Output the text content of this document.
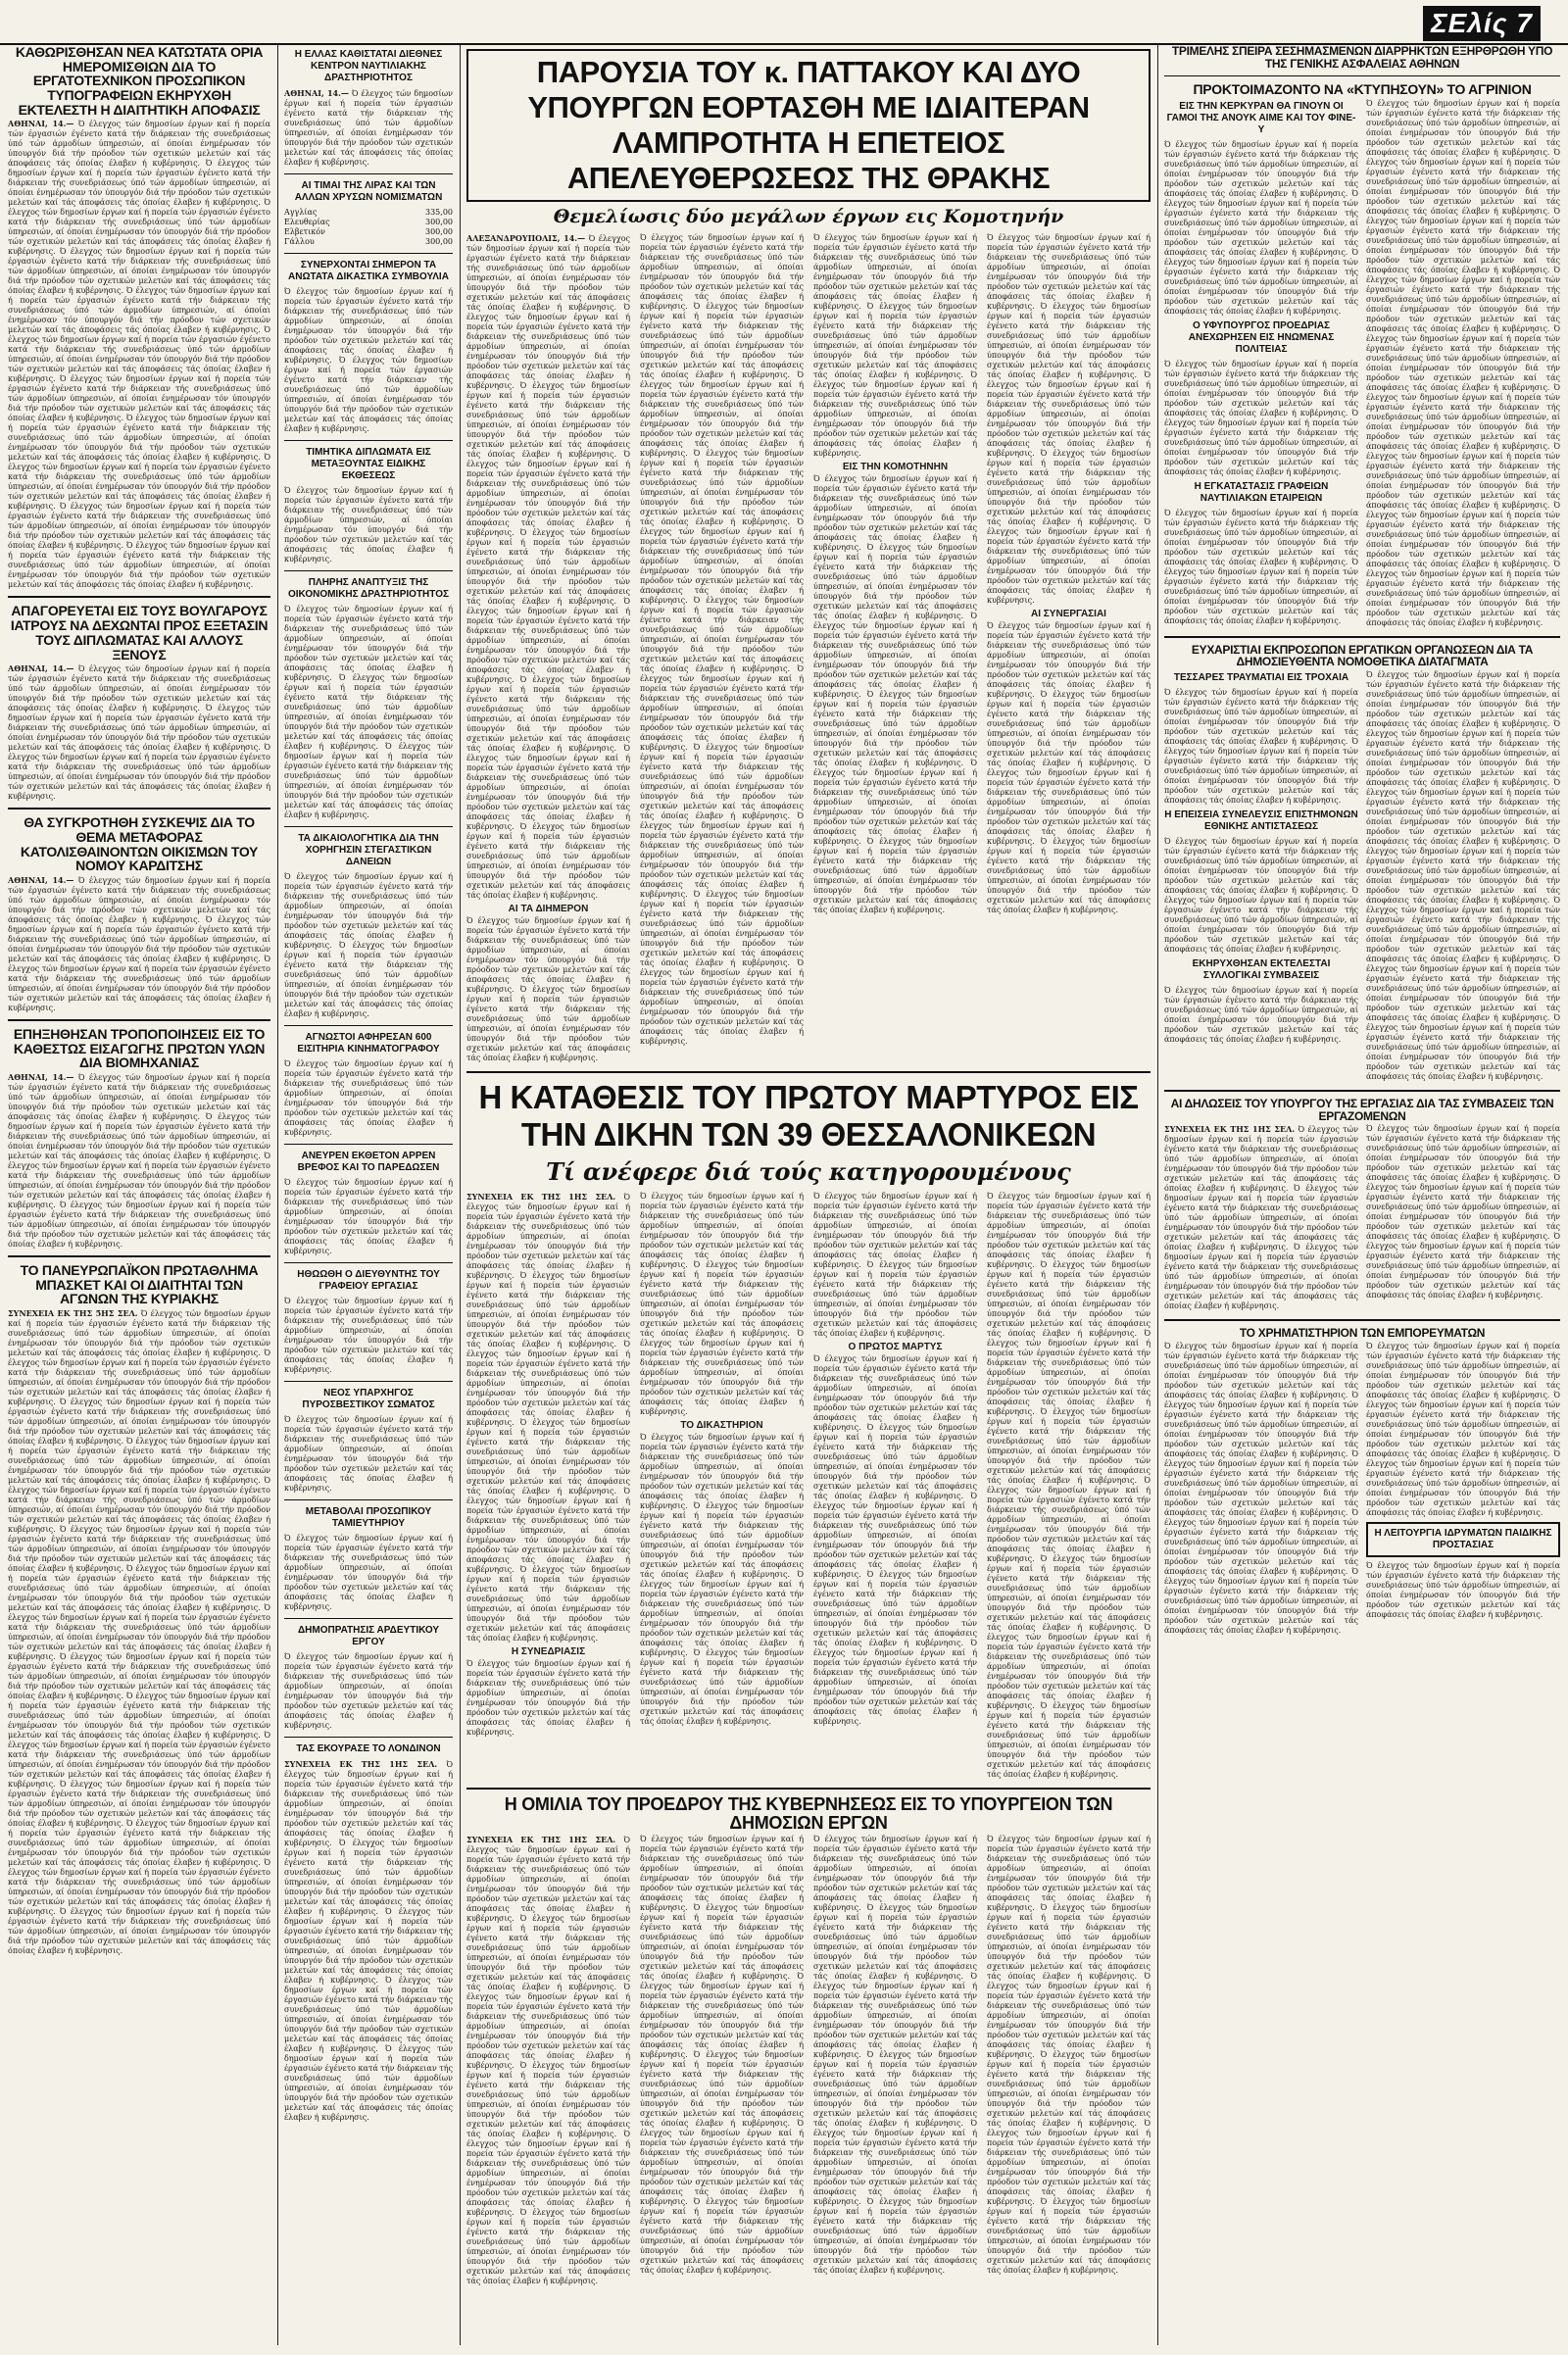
ΣΕλίς 7
ΚΑΘΩΡΙΣΘΗΣΑΝ ΝΕΑ ΚΑΤΩΤΑΤΑ ΟΡΙΑ ΗΜΕΡΟΜΙΣΘΙΩΝ ΔΙΑ ΤΟ ΕΡΓΑΤΟΤΕΧΝΙΚΟΝ ΠΡΟΣΩΠΙΚΟΝ ΤΥΠΟΓΡΑΦΕΙΩΝ ΕΚΗΡΥΧΘΗ ΕΚΤΕΛΕΣΤΗ Η ΔΙΑΙΤΗΤΙΚΗ ΑΠΟΦΑΣΙΣ
ΑΘΗΝΑΙ, 14.— Ό έλεγχος τών δημοσίων έργων καί ή πορεία τών έργασιών έγένετο κατά τήν διάρκειαν τής συνεδριάσεως ύπό τών άρμοδίων ύπηρεσιών, αί όποίαι ένημέρωσαν τόν ύπουργόν διά τήν πρόοδον τών σχετικών μελετών καί τάς άποφάσεις τάς όποίας έλαβεν ή κυβέρνησις. Ό έλεγχος τών δημοσίων έργων καί ή πορεία τών έργασιών έγένετο κατά τήν διάρκειαν τής συνεδριάσεως ύπό τών άρμοδίων ύπηρεσιών, αί όποίαι ένημέρωσαν τόν ύπουργόν διά τήν πρόοδον τών σχετικών μελετών καί τάς άποφάσεις τάς όποίας έλαβεν ή κυβέρνησις. Ό έλεγχος τών δημοσίων έργων καί ή πορεία τών έργασιών έγένετο κατά τήν διάρκειαν τής συνεδριάσεως ύπό τών άρμοδίων ύπηρεσιών, αί όποίαι ένημέρωσαν τόν ύπουργόν διά τήν πρόοδον τών σχετικών μελετών καί τάς άποφάσεις τάς όποίας έλαβεν ή κυβέρνησις. Ό έλεγχος τών δημοσίων έργων καί ή πορεία τών έργασιών έγένετο κατά τήν διάρκειαν τής συνεδριάσεως ύπό τών άρμοδίων ύπηρεσιών, αί όποίαι ένημέρωσαν τόν ύπουργόν διά τήν πρόοδον τών σχετικών μελετών καί τάς άποφάσεις τάς όποίας έλαβεν ή κυβέρνησις. Ό έλεγχος τών δημοσίων έργων καί ή πορεία τών έργασιών έγένετο κατά τήν διάρκειαν τής συνεδριάσεως ύπό τών άρμοδίων ύπηρεσιών, αί όποίαι ένημέρωσαν τόν ύπουργόν διά τήν πρόοδον τών σχετικών μελετών καί τάς άποφάσεις τάς όποίας έλαβεν ή κυβέρνησις. Ό έλεγχος τών δημοσίων έργων καί ή πορεία τών έργασιών έγένετο κατά τήν διάρκειαν τής συνεδριάσεως ύπό τών άρμοδίων ύπηρεσιών, αί όποίαι ένημέρωσαν τόν ύπουργόν διά τήν πρόοδον τών σχετικών μελετών καί τάς άποφάσεις τάς όποίας έλαβεν ή κυβέρνησις. Ό έλεγχος τών δημοσίων έργων καί ή πορεία τών έργασιών έγένετο κατά τήν διάρκειαν τής συνεδριάσεως ύπό τών άρμοδίων ύπηρεσιών, αί όποίαι ένημέρωσαν τόν ύπουργόν διά τήν πρόοδον τών σχετικών μελετών καί τάς άποφάσεις τάς όποίας έλαβεν ή κυβέρνησις. Ό έλεγχος τών δημοσίων έργων καί ή πορεία τών έργασιών έγένετο κατά τήν διάρκειαν τής συνεδριάσεως ύπό τών άρμοδίων ύπηρεσιών, αί όποίαι ένημέρωσαν τόν ύπουργόν διά τήν πρόοδον τών σχετικών μελετών καί τάς άποφάσεις τάς όποίας έλαβεν ή κυβέρνησις. Ό έλεγχος τών δημοσίων έργων καί ή πορεία τών έργασιών έγένετο κατά τήν διάρκειαν τής συνεδριάσεως ύπό τών άρμοδίων ύπηρεσιών, αί όποίαι ένημέρωσαν τόν ύπουργόν διά τήν πρόοδον τών σχετικών μελετών καί τάς άποφάσεις τάς όποίας έλαβεν ή κυβέρνησις. Ό έλεγχος τών δημοσίων έργων καί ή πορεία τών έργασιών έγένετο κατά τήν διάρκειαν τής συνεδριάσεως ύπό τών άρμοδίων ύπηρεσιών, αί όποίαι ένημέρωσαν τόν ύπουργόν διά τήν πρόοδον τών σχετικών μελετών καί τάς άποφάσεις τάς όποίας έλαβεν ή κυβέρνησις. Ό έλεγχος τών δημοσίων έργων καί ή πορεία τών έργασιών έγένετο κατά τήν διάρκειαν τής συνεδριάσεως ύπό τών άρμοδίων ύπηρεσιών, αί όποίαι ένημέρωσαν τόν ύπουργόν διά τήν πρόοδον τών σχετικών μελετών καί τάς άποφάσεις τάς όποίας έλαβεν ή κυβέρνησις.
ΑΠΑΓΟΡΕΥΕΤΑΙ ΕΙΣ ΤΟΥΣ ΒΟΥΛΓΑΡΟΥΣ ΙΑΤΡΟΥΣ ΝΑ ΔΕΧΩΝΤΑΙ ΠΡΟΣ ΕΞΕΤΑΣΙΝ ΤΟΥΣ ΔΙΠΛΩΜΑΤΑΣ ΚΑΙ ΑΛΛΟΥΣ ΞΕΝΟΥΣ
ΑΘΗΝΑΙ, 14.— Ό έλεγχος τών δημοσίων έργων καί ή πορεία τών έργασιών έγένετο κατά τήν διάρκειαν τής συνεδριάσεως ύπό τών άρμοδίων ύπηρεσιών, αί όποίαι ένημέρωσαν τόν ύπουργόν διά τήν πρόοδον τών σχετικών μελετών καί τάς άποφάσεις τάς όποίας έλαβεν ή κυβέρνησις. Ό έλεγχος τών δημοσίων έργων καί ή πορεία τών έργασιών έγένετο κατά τήν διάρκειαν τής συνεδριάσεως ύπό τών άρμοδίων ύπηρεσιών, αί όποίαι ένημέρωσαν τόν ύπουργόν διά τήν πρόοδον τών σχετικών μελετών καί τάς άποφάσεις τάς όποίας έλαβεν ή κυβέρνησις. Ό έλεγχος τών δημοσίων έργων καί ή πορεία τών έργασιών έγένετο κατά τήν διάρκειαν τής συνεδριάσεως ύπό τών άρμοδίων ύπηρεσιών, αί όποίαι ένημέρωσαν τόν ύπουργόν διά τήν πρόοδον τών σχετικών μελετών καί τάς άποφάσεις τάς όποίας έλαβεν ή κυβέρνησις.
ΘΑ ΣΥΓΚΡΟΤΗΘΗ ΣΥΣΚΕΨΙΣ ΔΙΑ ΤΟ ΘΕΜΑ ΜΕΤΑΦΟΡΑΣ ΚΑΤΟΛΙΣΘΑΙΝΟΝΤΩΝ ΟΙΚΙΣΜΩΝ ΤΟΥ ΝΟΜΟΥ ΚΑΡΔΙΤΣΗΣ
ΑΘΗΝΑΙ, 14.— Ό έλεγχος τών δημοσίων έργων καί ή πορεία τών έργασιών έγένετο κατά τήν διάρκειαν τής συνεδριάσεως ύπό τών άρμοδίων ύπηρεσιών, αί όποίαι ένημέρωσαν τόν ύπουργόν διά τήν πρόοδον τών σχετικών μελετών καί τάς άποφάσεις τάς όποίας έλαβεν ή κυβέρνησις. Ό έλεγχος τών δημοσίων έργων καί ή πορεία τών έργασιών έγένετο κατά τήν διάρκειαν τής συνεδριάσεως ύπό τών άρμοδίων ύπηρεσιών, αί όποίαι ένημέρωσαν τόν ύπουργόν διά τήν πρόοδον τών σχετικών μελετών καί τάς άποφάσεις τάς όποίας έλαβεν ή κυβέρνησις. Ό έλεγχος τών δημοσίων έργων καί ή πορεία τών έργασιών έγένετο κατά τήν διάρκειαν τής συνεδριάσεως ύπό τών άρμοδίων ύπηρεσιών, αί όποίαι ένημέρωσαν τόν ύπουργόν διά τήν πρόοδον τών σχετικών μελετών καί τάς άποφάσεις τάς όποίας έλαβεν ή κυβέρνησις.
ΕΠΗΞΗΘΗΣΑΝ ΤΡΟΠΟΠΟΙΗΣΕΙΣ ΕΙΣ ΤΟ ΚΑΘΕΣΤΩΣ ΕΙΣΑΓΩΓΗΣ ΠΡΩΤΩΝ ΥΛΩΝ ΔΙΑ ΒΙΟΜΗΧΑΝΙΑΣ
ΑΘΗΝΑΙ, 14.— Ό έλεγχος τών δημοσίων έργων καί ή πορεία τών έργασιών έγένετο κατά τήν διάρκειαν τής συνεδριάσεως ύπό τών άρμοδίων ύπηρεσιών, αί όποίαι ένημέρωσαν τόν ύπουργόν διά τήν πρόοδον τών σχετικών μελετών καί τάς άποφάσεις τάς όποίας έλαβεν ή κυβέρνησις. Ό έλεγχος τών δημοσίων έργων καί ή πορεία τών έργασιών έγένετο κατά τήν διάρκειαν τής συνεδριάσεως ύπό τών άρμοδίων ύπηρεσιών, αί όποίαι ένημέρωσαν τόν ύπουργόν διά τήν πρόοδον τών σχετικών μελετών καί τάς άποφάσεις τάς όποίας έλαβεν ή κυβέρνησις. Ό έλεγχος τών δημοσίων έργων καί ή πορεία τών έργασιών έγένετο κατά τήν διάρκειαν τής συνεδριάσεως ύπό τών άρμοδίων ύπηρεσιών, αί όποίαι ένημέρωσαν τόν ύπουργόν διά τήν πρόοδον τών σχετικών μελετών καί τάς άποφάσεις τάς όποίας έλαβεν ή κυβέρνησις. Ό έλεγχος τών δημοσίων έργων καί ή πορεία τών έργασιών έγένετο κατά τήν διάρκειαν τής συνεδριάσεως ύπό τών άρμοδίων ύπηρεσιών, αί όποίαι ένημέρωσαν τόν ύπουργόν διά τήν πρόοδον τών σχετικών μελετών καί τάς άποφάσεις τάς όποίας έλαβεν ή κυβέρνησις.
ΤΟ ΠΑΝΕΥΡΩΠΑΪΚΟΝ ΠΡΩΤΑΘΛΗΜΑ ΜΠΑΣΚΕΤ ΚΑΙ ΟΙ ΔΙΑΙΤΗΤΑΙ ΤΩΝ ΑΓΩΝΩΝ ΤΗΣ ΚΥΡΙΑΚΗΣ
ΣΥΝΕΧΕΙΑ ΕΚ ΤΗΣ 5ΗΣ ΣΕΛ. Ό έλεγχος τών δημοσίων έργων καί ή πορεία τών έργασιών έγένετο κατά τήν διάρκειαν τής συνεδριάσεως ύπό τών άρμοδίων ύπηρεσιών, αί όποίαι ένημέρωσαν τόν ύπουργόν διά τήν πρόοδον τών σχετικών μελετών καί τάς άποφάσεις τάς όποίας έλαβεν ή κυβέρνησις. Ό έλεγχος τών δημοσίων έργων καί ή πορεία τών έργασιών έγένετο κατά τήν διάρκειαν τής συνεδριάσεως ύπό τών άρμοδίων ύπηρεσιών, αί όποίαι ένημέρωσαν τόν ύπουργόν διά τήν πρόοδον τών σχετικών μελετών καί τάς άποφάσεις τάς όποίας έλαβεν ή κυβέρνησις. Ό έλεγχος τών δημοσίων έργων καί ή πορεία τών έργασιών έγένετο κατά τήν διάρκειαν τής συνεδριάσεως ύπό τών άρμοδίων ύπηρεσιών, αί όποίαι ένημέρωσαν τόν ύπουργόν διά τήν πρόοδον τών σχετικών μελετών καί τάς άποφάσεις τάς όποίας έλαβεν ή κυβέρνησις. Ό έλεγχος τών δημοσίων έργων καί ή πορεία τών έργασιών έγένετο κατά τήν διάρκειαν τής συνεδριάσεως ύπό τών άρμοδίων ύπηρεσιών, αί όποίαι ένημέρωσαν τόν ύπουργόν διά τήν πρόοδον τών σχετικών μελετών καί τάς άποφάσεις τάς όποίας έλαβεν ή κυβέρνησις. Ό έλεγχος τών δημοσίων έργων καί ή πορεία τών έργασιών έγένετο κατά τήν διάρκειαν τής συνεδριάσεως ύπό τών άρμοδίων ύπηρεσιών, αί όποίαι ένημέρωσαν τόν ύπουργόν διά τήν πρόοδον τών σχετικών μελετών καί τάς άποφάσεις τάς όποίας έλαβεν ή κυβέρνησις. Ό έλεγχος τών δημοσίων έργων καί ή πορεία τών έργασιών έγένετο κατά τήν διάρκειαν τής συνεδριάσεως ύπό τών άρμοδίων ύπηρεσιών, αί όποίαι ένημέρωσαν τόν ύπουργόν διά τήν πρόοδον τών σχετικών μελετών καί τάς άποφάσεις τάς όποίας έλαβεν ή κυβέρνησις. Ό έλεγχος τών δημοσίων έργων καί ή πορεία τών έργασιών έγένετο κατά τήν διάρκειαν τής συνεδριάσεως ύπό τών άρμοδίων ύπηρεσιών, αί όποίαι ένημέρωσαν τόν ύπουργόν διά τήν πρόοδον τών σχετικών μελετών καί τάς άποφάσεις τάς όποίας έλαβεν ή κυβέρνησις. Ό έλεγχος τών δημοσίων έργων καί ή πορεία τών έργασιών έγένετο κατά τήν διάρκειαν τής συνεδριάσεως ύπό τών άρμοδίων ύπηρεσιών, αί όποίαι ένημέρωσαν τόν ύπουργόν διά τήν πρόοδον τών σχετικών μελετών καί τάς άποφάσεις τάς όποίας έλαβεν ή κυβέρνησις. Ό έλεγχος τών δημοσίων έργων καί ή πορεία τών έργασιών έγένετο κατά τήν διάρκειαν τής συνεδριάσεως ύπό τών άρμοδίων ύπηρεσιών, αί όποίαι ένημέρωσαν τόν ύπουργόν διά τήν πρόοδον τών σχετικών μελετών καί τάς άποφάσεις τάς όποίας έλαβεν ή κυβέρνησις. Ό έλεγχος τών δημοσίων έργων καί ή πορεία τών έργασιών έγένετο κατά τήν διάρκειαν τής συνεδριάσεως ύπό τών άρμοδίων ύπηρεσιών, αί όποίαι ένημέρωσαν τόν ύπουργόν διά τήν πρόοδον τών σχετικών μελετών καί τάς άποφάσεις τάς όποίας έλαβεν ή κυβέρνησις. Ό έλεγχος τών δημοσίων έργων καί ή πορεία τών έργασιών έγένετο κατά τήν διάρκειαν τής συνεδριάσεως ύπό τών άρμοδίων ύπηρεσιών, αί όποίαι ένημέρωσαν τόν ύπουργόν διά τήν πρόοδον τών σχετικών μελετών καί τάς άποφάσεις τάς όποίας έλαβεν ή κυβέρνησις. Ό έλεγχος τών δημοσίων έργων καί ή πορεία τών έργασιών έγένετο κατά τήν διάρκειαν τής συνεδριάσεως ύπό τών άρμοδίων ύπηρεσιών, αί όποίαι ένημέρωσαν τόν ύπουργόν διά τήν πρόοδον τών σχετικών μελετών καί τάς άποφάσεις τάς όποίας έλαβεν ή κυβέρνησις. Ό έλεγχος τών δημοσίων έργων καί ή πορεία τών έργασιών έγένετο κατά τήν διάρκειαν τής συνεδριάσεως ύπό τών άρμοδίων ύπηρεσιών, αί όποίαι ένημέρωσαν τόν ύπουργόν διά τήν πρόοδον τών σχετικών μελετών καί τάς άποφάσεις τάς όποίας έλαβεν ή κυβέρνησις. Ό έλεγχος τών δημοσίων έργων καί ή πορεία τών έργασιών έγένετο κατά τήν διάρκειαν τής συνεδριάσεως ύπό τών άρμοδίων ύπηρεσιών, αί όποίαι ένημέρωσαν τόν ύπουργόν διά τήν πρόοδον τών σχετικών μελετών καί τάς άποφάσεις τάς όποίας έλαβεν ή κυβέρνησις. Ό έλεγχος τών δημοσίων έργων καί ή πορεία τών έργασιών έγένετο κατά τήν διάρκειαν τής συνεδριάσεως ύπό τών άρμοδίων ύπηρεσιών, αί όποίαι ένημέρωσαν τόν ύπουργόν διά τήν πρόοδον τών σχετικών μελετών καί τάς άποφάσεις τάς όποίας έλαβεν ή κυβέρνησις.
Η ΕΛΛΑΣ ΚΑΘΙΣΤΑΤΑΙ ΔΙΕΘΝΕΣ ΚΕΝΤΡΟΝ ΝΑΥΤΙΛΙΑΚΗΣ ΔΡΑΣΤΗΡΙΟΤΗΤΟΣ
ΑΘΗΝΑΙ, 14.— Ό έλεγχος τών δημοσίων έργων καί ή πορεία τών έργασιών έγένετο κατά τήν διάρκειαν τής συνεδριάσεως ύπό τών άρμοδίων ύπηρεσιών, αί όποίαι ένημέρωσαν τόν ύπουργόν διά τήν πρόοδον τών σχετικών μελετών καί τάς άποφάσεις τάς όποίας έλαβεν ή κυβέρνησις.
ΑΙ ΤΙΜΑΙ ΤΗΣ ΛΙΡΑΣ ΚΑΙ ΤΩΝ ΑΛΛΩΝ ΧΡΥΣΩΝ ΝΟΜΙΣΜΑΤΩΝ
Αγγλίας	335,00
Ελευθερίας	300,00
Ελβετικόν	300,00
Γάλλου	300,00
ΣΥΝΕΡΧΟΝΤΑΙ ΣΗΜΕΡΟΝ ΤΑ ΑΝΩΤΑΤΑ ΔΙΚΑΣΤΙΚΑ ΣΥΜΒΟΥΛΙΑ
Ό έλεγχος τών δημοσίων έργων καί ή πορεία τών έργασιών έγένετο κατά τήν διάρκειαν τής συνεδριάσεως ύπό τών άρμοδίων ύπηρεσιών, αί όποίαι ένημέρωσαν τόν ύπουργόν διά τήν πρόοδον τών σχετικών μελετών καί τάς άποφάσεις τάς όποίας έλαβεν ή κυβέρνησις. Ό έλεγχος τών δημοσίων έργων καί ή πορεία τών έργασιών έγένετο κατά τήν διάρκειαν τής συνεδριάσεως ύπό τών άρμοδίων ύπηρεσιών, αί όποίαι ένημέρωσαν τόν ύπουργόν διά τήν πρόοδον τών σχετικών μελετών καί τάς άποφάσεις τάς όποίας έλαβεν ή κυβέρνησις.
ΤΙΜΗΤΙΚΑ ΔΙΠΛΩΜΑΤΑ ΕΙΣ ΜΕΤΑΞΟΥΝΤΑΣ ΕΙΔΙΚΗΣ ΕΚΘΕΣΕΩΣ
Ό έλεγχος τών δημοσίων έργων καί ή πορεία τών έργασιών έγένετο κατά τήν διάρκειαν τής συνεδριάσεως ύπό τών άρμοδίων ύπηρεσιών, αί όποίαι ένημέρωσαν τόν ύπουργόν διά τήν πρόοδον τών σχετικών μελετών καί τάς άποφάσεις τάς όποίας έλαβεν ή κυβέρνησις.
ΠΛΗΡΗΣ ΑΝΑΠΤΥΞΙΣ ΤΗΣ ΟΙΚΟΝΟΜΙΚΗΣ ΔΡΑΣΤΗΡΙΟΤΗΤΟΣ
Ό έλεγχος τών δημοσίων έργων καί ή πορεία τών έργασιών έγένετο κατά τήν διάρκειαν τής συνεδριάσεως ύπό τών άρμοδίων ύπηρεσιών, αί όποίαι ένημέρωσαν τόν ύπουργόν διά τήν πρόοδον τών σχετικών μελετών καί τάς άποφάσεις τάς όποίας έλαβεν ή κυβέρνησις. Ό έλεγχος τών δημοσίων έργων καί ή πορεία τών έργασιών έγένετο κατά τήν διάρκειαν τής συνεδριάσεως ύπό τών άρμοδίων ύπηρεσιών, αί όποίαι ένημέρωσαν τόν ύπουργόν διά τήν πρόοδον τών σχετικών μελετών καί τάς άποφάσεις τάς όποίας έλαβεν ή κυβέρνησις. Ό έλεγχος τών δημοσίων έργων καί ή πορεία τών έργασιών έγένετο κατά τήν διάρκειαν τής συνεδριάσεως ύπό τών άρμοδίων ύπηρεσιών, αί όποίαι ένημέρωσαν τόν ύπουργόν διά τήν πρόοδον τών σχετικών μελετών καί τάς άποφάσεις τάς όποίας έλαβεν ή κυβέρνησις.
ΤΑ ΔΙΚΑΙΟΛΟΓΗΤΙΚΑ ΔΙΑ ΤΗΝ ΧΟΡΗΓΗΣΙΝ ΣΤΕΓΑΣΤΙΚΩΝ ΔΑΝΕΙΩΝ
Ό έλεγχος τών δημοσίων έργων καί ή πορεία τών έργασιών έγένετο κατά τήν διάρκειαν τής συνεδριάσεως ύπό τών άρμοδίων ύπηρεσιών, αί όποίαι ένημέρωσαν τόν ύπουργόν διά τήν πρόοδον τών σχετικών μελετών καί τάς άποφάσεις τάς όποίας έλαβεν ή κυβέρνησις. Ό έλεγχος τών δημοσίων έργων καί ή πορεία τών έργασιών έγένετο κατά τήν διάρκειαν τής συνεδριάσεως ύπό τών άρμοδίων ύπηρεσιών, αί όποίαι ένημέρωσαν τόν ύπουργόν διά τήν πρόοδον τών σχετικών μελετών καί τάς άποφάσεις τάς όποίας έλαβεν ή κυβέρνησις.
ΑΓΝΩΣΤΟΙ ΑΦΗΡΕΣΑΝ 600 ΕΙΣΙΤΗΡΙΑ ΚΙΝΗΜΑΤΟΓΡΑΦΟΥ
Ό έλεγχος τών δημοσίων έργων καί ή πορεία τών έργασιών έγένετο κατά τήν διάρκειαν τής συνεδριάσεως ύπό τών άρμοδίων ύπηρεσιών, αί όποίαι ένημέρωσαν τόν ύπουργόν διά τήν πρόοδον τών σχετικών μελετών καί τάς άποφάσεις τάς όποίας έλαβεν ή κυβέρνησις.
ΑΝΕΥΡΕΝ ΕΚΘΕΤΟΝ ΑΡΡΕΝ ΒΡΕΦΟΣ ΚΑΙ ΤΟ ΠΑΡΕΔΩΣΕΝ
Ό έλεγχος τών δημοσίων έργων καί ή πορεία τών έργασιών έγένετο κατά τήν διάρκειαν τής συνεδριάσεως ύπό τών άρμοδίων ύπηρεσιών, αί όποίαι ένημέρωσαν τόν ύπουργόν διά τήν πρόοδον τών σχετικών μελετών καί τάς άποφάσεις τάς όποίας έλαβεν ή κυβέρνησις.
ΗΘΩΩΘΗ Ο ΔΙΕΥΘΥΝΤΗΣ ΤΟΥ ΓΡΑΦΕΙΟΥ ΕΡΓΑΣΙΑΣ
Ό έλεγχος τών δημοσίων έργων καί ή πορεία τών έργασιών έγένετο κατά τήν διάρκειαν τής συνεδριάσεως ύπό τών άρμοδίων ύπηρεσιών, αί όποίαι ένημέρωσαν τόν ύπουργόν διά τήν πρόοδον τών σχετικών μελετών καί τάς άποφάσεις τάς όποίας έλαβεν ή κυβέρνησις.
ΝΕΟΣ ΥΠΑΡΧΗΓΟΣ ΠΥΡΟΣΒΕΣΤΙΚΟΥ ΣΩΜΑΤΟΣ
Ό έλεγχος τών δημοσίων έργων καί ή πορεία τών έργασιών έγένετο κατά τήν διάρκειαν τής συνεδριάσεως ύπό τών άρμοδίων ύπηρεσιών, αί όποίαι ένημέρωσαν τόν ύπουργόν διά τήν πρόοδον τών σχετικών μελετών καί τάς άποφάσεις τάς όποίας έλαβεν ή κυβέρνησις.
ΜΕΤΑΒΟΛΑΙ ΠΡΟΣΩΠΙΚΟΥ ΤΑΜΙΕΥΤΗΡΙΟΥ
Ό έλεγχος τών δημοσίων έργων καί ή πορεία τών έργασιών έγένετο κατά τήν διάρκειαν τής συνεδριάσεως ύπό τών άρμοδίων ύπηρεσιών, αί όποίαι ένημέρωσαν τόν ύπουργόν διά τήν πρόοδον τών σχετικών μελετών καί τάς άποφάσεις τάς όποίας έλαβεν ή κυβέρνησις.
ΔΗΜΟΠΡΑΤΗΣΙΣ ΑΡΔΕΥΤΙΚΟΥ ΕΡΓΟΥ
Ό έλεγχος τών δημοσίων έργων καί ή πορεία τών έργασιών έγένετο κατά τήν διάρκειαν τής συνεδριάσεως ύπό τών άρμοδίων ύπηρεσιών, αί όποίαι ένημέρωσαν τόν ύπουργόν διά τήν πρόοδον τών σχετικών μελετών καί τάς άποφάσεις τάς όποίας έλαβεν ή κυβέρνησις.
ΤΑΣ ΕΚΟΥΡΑΣΕ ΤΟ ΛΟΝΔΙΝΟΝ
ΣΥΝΕΧΕΙΑ ΕΚ ΤΗΣ 1ΗΣ ΣΕΛ. Ό έλεγχος τών δημοσίων έργων καί ή πορεία τών έργασιών έγένετο κατά τήν διάρκειαν τής συνεδριάσεως ύπό τών άρμοδίων ύπηρεσιών, αί όποίαι ένημέρωσαν τόν ύπουργόν διά τήν πρόοδον τών σχετικών μελετών καί τάς άποφάσεις τάς όποίας έλαβεν ή κυβέρνησις. Ό έλεγχος τών δημοσίων έργων καί ή πορεία τών έργασιών έγένετο κατά τήν διάρκειαν τής συνεδριάσεως ύπό τών άρμοδίων ύπηρεσιών, αί όποίαι ένημέρωσαν τόν ύπουργόν διά τήν πρόοδον τών σχετικών μελετών καί τάς άποφάσεις τάς όποίας έλαβεν ή κυβέρνησις. Ό έλεγχος τών δημοσίων έργων καί ή πορεία τών έργασιών έγένετο κατά τήν διάρκειαν τής συνεδριάσεως ύπό τών άρμοδίων ύπηρεσιών, αί όποίαι ένημέρωσαν τόν ύπουργόν διά τήν πρόοδον τών σχετικών μελετών καί τάς άποφάσεις τάς όποίας έλαβεν ή κυβέρνησις. Ό έλεγχος τών δημοσίων έργων καί ή πορεία τών έργασιών έγένετο κατά τήν διάρκειαν τής συνεδριάσεως ύπό τών άρμοδίων ύπηρεσιών, αί όποίαι ένημέρωσαν τόν ύπουργόν διά τήν πρόοδον τών σχετικών μελετών καί τάς άποφάσεις τάς όποίας έλαβεν ή κυβέρνησις. Ό έλεγχος τών δημοσίων έργων καί ή πορεία τών έργασιών έγένετο κατά τήν διάρκειαν τής συνεδριάσεως ύπό τών άρμοδίων ύπηρεσιών, αί όποίαι ένημέρωσαν τόν ύπουργόν διά τήν πρόοδον τών σχετικών μελετών καί τάς άποφάσεις τάς όποίας έλαβεν ή κυβέρνησις.
ΠΑΡΟΥΣΙΑ ΤΟΥ κ. ΠΑΤΤΑΚΟΥ ΚΑΙ ΔΥΟ ΥΠΟΥΡΓΩΝ ΕΟΡΤΑΣΘΗ ΜΕ ΙΔΙΑΙΤΕΡΑΝ ΛΑΜΠΡΟΤΗΤΑ Η ΕΠΕΤΕΙΟΣ ΑΠΕΛΕΥΘΕΡΩΣΕΩΣ ΤΗΣ ΘΡΑΚΗΣ
Θεμελίωσις δύο μεγάλων έργων εις Κομοτηνήν
ΑΛΕΞΑΝΔΡΟΥΠΟΛΙΣ, 14.— Ό έλεγχος τών δημοσίων έργων καί ή πορεία τών έργασιών έγένετο κατά τήν διάρκειαν τής συνεδριάσεως ύπό τών άρμοδίων ύπηρεσιών, αί όποίαι ένημέρωσαν τόν ύπουργόν διά τήν πρόοδον τών σχετικών μελετών καί τάς άποφάσεις τάς όποίας έλαβεν ή κυβέρνησις. Ό έλεγχος τών δημοσίων έργων καί ή πορεία τών έργασιών έγένετο κατά τήν διάρκειαν τής συνεδριάσεως ύπό τών άρμοδίων ύπηρεσιών, αί όποίαι ένημέρωσαν τόν ύπουργόν διά τήν πρόοδον τών σχετικών μελετών καί τάς άποφάσεις τάς όποίας έλαβεν ή κυβέρνησις. Ό έλεγχος τών δημοσίων έργων καί ή πορεία τών έργασιών έγένετο κατά τήν διάρκειαν τής συνεδριάσεως ύπό τών άρμοδίων ύπηρεσιών, αί όποίαι ένημέρωσαν τόν ύπουργόν διά τήν πρόοδον τών σχετικών μελετών καί τάς άποφάσεις τάς όποίας έλαβεν ή κυβέρνησις. Ό έλεγχος τών δημοσίων έργων καί ή πορεία τών έργασιών έγένετο κατά τήν διάρκειαν τής συνεδριάσεως ύπό τών άρμοδίων ύπηρεσιών, αί όποίαι ένημέρωσαν τόν ύπουργόν διά τήν πρόοδον τών σχετικών μελετών καί τάς άποφάσεις τάς όποίας έλαβεν ή κυβέρνησις. Ό έλεγχος τών δημοσίων έργων καί ή πορεία τών έργασιών έγένετο κατά τήν διάρκειαν τής συνεδριάσεως ύπό τών άρμοδίων ύπηρεσιών, αί όποίαι ένημέρωσαν τόν ύπουργόν διά τήν πρόοδον τών σχετικών μελετών καί τάς άποφάσεις τάς όποίας έλαβεν ή κυβέρνησις. Ό έλεγχος τών δημοσίων έργων καί ή πορεία τών έργασιών έγένετο κατά τήν διάρκειαν τής συνεδριάσεως ύπό τών άρμοδίων ύπηρεσιών, αί όποίαι ένημέρωσαν τόν ύπουργόν διά τήν πρόοδον τών σχετικών μελετών καί τάς άποφάσεις τάς όποίας έλαβεν ή κυβέρνησις. Ό έλεγχος τών δημοσίων έργων καί ή πορεία τών έργασιών έγένετο κατά τήν διάρκειαν τής συνεδριάσεως ύπό τών άρμοδίων ύπηρεσιών, αί όποίαι ένημέρωσαν τόν ύπουργόν διά τήν πρόοδον τών σχετικών μελετών καί τάς άποφάσεις τάς όποίας έλαβεν ή κυβέρνησις. Ό έλεγχος τών δημοσίων έργων καί ή πορεία τών έργασιών έγένετο κατά τήν διάρκειαν τής συνεδριάσεως ύπό τών άρμοδίων ύπηρεσιών, αί όποίαι ένημέρωσαν τόν ύπουργόν διά τήν πρόοδον τών σχετικών μελετών καί τάς άποφάσεις τάς όποίας έλαβεν ή κυβέρνησις. Ό έλεγχος τών δημοσίων έργων καί ή πορεία τών έργασιών έγένετο κατά τήν διάρκειαν τής συνεδριάσεως ύπό τών άρμοδίων ύπηρεσιών, αί όποίαι ένημέρωσαν τόν ύπουργόν διά τήν πρόοδον τών σχετικών μελετών καί τάς άποφάσεις τάς όποίας έλαβεν ή κυβέρνησις.
ΑΙ ΤΑ ΔΙΗΜΕΡΟΝ
Ό έλεγχος τών δημοσίων έργων καί ή πορεία τών έργασιών έγένετο κατά τήν διάρκειαν τής συνεδριάσεως ύπό τών άρμοδίων ύπηρεσιών, αί όποίαι ένημέρωσαν τόν ύπουργόν διά τήν πρόοδον τών σχετικών μελετών καί τάς άποφάσεις τάς όποίας έλαβεν ή κυβέρνησις. Ό έλεγχος τών δημοσίων έργων καί ή πορεία τών έργασιών έγένετο κατά τήν διάρκειαν τής συνεδριάσεως ύπό τών άρμοδίων ύπηρεσιών, αί όποίαι ένημέρωσαν τόν ύπουργόν διά τήν πρόοδον τών σχετικών μελετών καί τάς άποφάσεις τάς όποίας έλαβεν ή κυβέρνησις.
Ό έλεγχος τών δημοσίων έργων καί ή πορεία τών έργασιών έγένετο κατά τήν διάρκειαν τής συνεδριάσεως ύπό τών άρμοδίων ύπηρεσιών, αί όποίαι ένημέρωσαν τόν ύπουργόν διά τήν πρόοδον τών σχετικών μελετών καί τάς άποφάσεις τάς όποίας έλαβεν ή κυβέρνησις. Ό έλεγχος τών δημοσίων έργων καί ή πορεία τών έργασιών έγένετο κατά τήν διάρκειαν τής συνεδριάσεως ύπό τών άρμοδίων ύπηρεσιών, αί όποίαι ένημέρωσαν τόν ύπουργόν διά τήν πρόοδον τών σχετικών μελετών καί τάς άποφάσεις τάς όποίας έλαβεν ή κυβέρνησις. Ό έλεγχος τών δημοσίων έργων καί ή πορεία τών έργασιών έγένετο κατά τήν διάρκειαν τής συνεδριάσεως ύπό τών άρμοδίων ύπηρεσιών, αί όποίαι ένημέρωσαν τόν ύπουργόν διά τήν πρόοδον τών σχετικών μελετών καί τάς άποφάσεις τάς όποίας έλαβεν ή κυβέρνησις. Ό έλεγχος τών δημοσίων έργων καί ή πορεία τών έργασιών έγένετο κατά τήν διάρκειαν τής συνεδριάσεως ύπό τών άρμοδίων ύπηρεσιών, αί όποίαι ένημέρωσαν τόν ύπουργόν διά τήν πρόοδον τών σχετικών μελετών καί τάς άποφάσεις τάς όποίας έλαβεν ή κυβέρνησις. Ό έλεγχος τών δημοσίων έργων καί ή πορεία τών έργασιών έγένετο κατά τήν διάρκειαν τής συνεδριάσεως ύπό τών άρμοδίων ύπηρεσιών, αί όποίαι ένημέρωσαν τόν ύπουργόν διά τήν πρόοδον τών σχετικών μελετών καί τάς άποφάσεις τάς όποίας έλαβεν ή κυβέρνησις. Ό έλεγχος τών δημοσίων έργων καί ή πορεία τών έργασιών έγένετο κατά τήν διάρκειαν τής συνεδριάσεως ύπό τών άρμοδίων ύπηρεσιών, αί όποίαι ένημέρωσαν τόν ύπουργόν διά τήν πρόοδον τών σχετικών μελετών καί τάς άποφάσεις τάς όποίας έλαβεν ή κυβέρνησις. Ό έλεγχος τών δημοσίων έργων καί ή πορεία τών έργασιών έγένετο κατά τήν διάρκειαν τής συνεδριάσεως ύπό τών άρμοδίων ύπηρεσιών, αί όποίαι ένημέρωσαν τόν ύπουργόν διά τήν πρόοδον τών σχετικών μελετών καί τάς άποφάσεις τάς όποίας έλαβεν ή κυβέρνησις. Ό έλεγχος τών δημοσίων έργων καί ή πορεία τών έργασιών έγένετο κατά τήν διάρκειαν τής συνεδριάσεως ύπό τών άρμοδίων ύπηρεσιών, αί όποίαι ένημέρωσαν τόν ύπουργόν διά τήν πρόοδον τών σχετικών μελετών καί τάς άποφάσεις τάς όποίας έλαβεν ή κυβέρνησις. Ό έλεγχος τών δημοσίων έργων καί ή πορεία τών έργασιών έγένετο κατά τήν διάρκειαν τής συνεδριάσεως ύπό τών άρμοδίων ύπηρεσιών, αί όποίαι ένημέρωσαν τόν ύπουργόν διά τήν πρόοδον τών σχετικών μελετών καί τάς άποφάσεις τάς όποίας έλαβεν ή κυβέρνησις. Ό έλεγχος τών δημοσίων έργων καί ή πορεία τών έργασιών έγένετο κατά τήν διάρκειαν τής συνεδριάσεως ύπό τών άρμοδίων ύπηρεσιών, αί όποίαι ένημέρωσαν τόν ύπουργόν διά τήν πρόοδον τών σχετικών μελετών καί τάς άποφάσεις τάς όποίας έλαβεν ή κυβέρνησις. Ό έλεγχος τών δημοσίων έργων καί ή πορεία τών έργασιών έγένετο κατά τήν διάρκειαν τής συνεδριάσεως ύπό τών άρμοδίων ύπηρεσιών, αί όποίαι ένημέρωσαν τόν ύπουργόν διά τήν πρόοδον τών σχετικών μελετών καί τάς άποφάσεις τάς όποίας έλαβεν ή κυβέρνησις.
Ό έλεγχος τών δημοσίων έργων καί ή πορεία τών έργασιών έγένετο κατά τήν διάρκειαν τής συνεδριάσεως ύπό τών άρμοδίων ύπηρεσιών, αί όποίαι ένημέρωσαν τόν ύπουργόν διά τήν πρόοδον τών σχετικών μελετών καί τάς άποφάσεις τάς όποίας έλαβεν ή κυβέρνησις. Ό έλεγχος τών δημοσίων έργων καί ή πορεία τών έργασιών έγένετο κατά τήν διάρκειαν τής συνεδριάσεως ύπό τών άρμοδίων ύπηρεσιών, αί όποίαι ένημέρωσαν τόν ύπουργόν διά τήν πρόοδον τών σχετικών μελετών καί τάς άποφάσεις τάς όποίας έλαβεν ή κυβέρνησις. Ό έλεγχος τών δημοσίων έργων καί ή πορεία τών έργασιών έγένετο κατά τήν διάρκειαν τής συνεδριάσεως ύπό τών άρμοδίων ύπηρεσιών, αί όποίαι ένημέρωσαν τόν ύπουργόν διά τήν πρόοδον τών σχετικών μελετών καί τάς άποφάσεις τάς όποίας έλαβεν ή κυβέρνησις.
ΕΙΣ ΤΗΝ ΚΟΜΟΤΗΝΗΝ
Ό έλεγχος τών δημοσίων έργων καί ή πορεία τών έργασιών έγένετο κατά τήν διάρκειαν τής συνεδριάσεως ύπό τών άρμοδίων ύπηρεσιών, αί όποίαι ένημέρωσαν τόν ύπουργόν διά τήν πρόοδον τών σχετικών μελετών καί τάς άποφάσεις τάς όποίας έλαβεν ή κυβέρνησις. Ό έλεγχος τών δημοσίων έργων καί ή πορεία τών έργασιών έγένετο κατά τήν διάρκειαν τής συνεδριάσεως ύπό τών άρμοδίων ύπηρεσιών, αί όποίαι ένημέρωσαν τόν ύπουργόν διά τήν πρόοδον τών σχετικών μελετών καί τάς άποφάσεις τάς όποίας έλαβεν ή κυβέρνησις. Ό έλεγχος τών δημοσίων έργων καί ή πορεία τών έργασιών έγένετο κατά τήν διάρκειαν τής συνεδριάσεως ύπό τών άρμοδίων ύπηρεσιών, αί όποίαι ένημέρωσαν τόν ύπουργόν διά τήν πρόοδον τών σχετικών μελετών καί τάς άποφάσεις τάς όποίας έλαβεν ή κυβέρνησις. Ό έλεγχος τών δημοσίων έργων καί ή πορεία τών έργασιών έγένετο κατά τήν διάρκειαν τής συνεδριάσεως ύπό τών άρμοδίων ύπηρεσιών, αί όποίαι ένημέρωσαν τόν ύπουργόν διά τήν πρόοδον τών σχετικών μελετών καί τάς άποφάσεις τάς όποίας έλαβεν ή κυβέρνησις. Ό έλεγχος τών δημοσίων έργων καί ή πορεία τών έργασιών έγένετο κατά τήν διάρκειαν τής συνεδριάσεως ύπό τών άρμοδίων ύπηρεσιών, αί όποίαι ένημέρωσαν τόν ύπουργόν διά τήν πρόοδον τών σχετικών μελετών καί τάς άποφάσεις τάς όποίας έλαβεν ή κυβέρνησις. Ό έλεγχος τών δημοσίων έργων καί ή πορεία τών έργασιών έγένετο κατά τήν διάρκειαν τής συνεδριάσεως ύπό τών άρμοδίων ύπηρεσιών, αί όποίαι ένημέρωσαν τόν ύπουργόν διά τήν πρόοδον τών σχετικών μελετών καί τάς άποφάσεις τάς όποίας έλαβεν ή κυβέρνησις.
Ό έλεγχος τών δημοσίων έργων καί ή πορεία τών έργασιών έγένετο κατά τήν διάρκειαν τής συνεδριάσεως ύπό τών άρμοδίων ύπηρεσιών, αί όποίαι ένημέρωσαν τόν ύπουργόν διά τήν πρόοδον τών σχετικών μελετών καί τάς άποφάσεις τάς όποίας έλαβεν ή κυβέρνησις. Ό έλεγχος τών δημοσίων έργων καί ή πορεία τών έργασιών έγένετο κατά τήν διάρκειαν τής συνεδριάσεως ύπό τών άρμοδίων ύπηρεσιών, αί όποίαι ένημέρωσαν τόν ύπουργόν διά τήν πρόοδον τών σχετικών μελετών καί τάς άποφάσεις τάς όποίας έλαβεν ή κυβέρνησις. Ό έλεγχος τών δημοσίων έργων καί ή πορεία τών έργασιών έγένετο κατά τήν διάρκειαν τής συνεδριάσεως ύπό τών άρμοδίων ύπηρεσιών, αί όποίαι ένημέρωσαν τόν ύπουργόν διά τήν πρόοδον τών σχετικών μελετών καί τάς άποφάσεις τάς όποίας έλαβεν ή κυβέρνησις. Ό έλεγχος τών δημοσίων έργων καί ή πορεία τών έργασιών έγένετο κατά τήν διάρκειαν τής συνεδριάσεως ύπό τών άρμοδίων ύπηρεσιών, αί όποίαι ένημέρωσαν τόν ύπουργόν διά τήν πρόοδον τών σχετικών μελετών καί τάς άποφάσεις τάς όποίας έλαβεν ή κυβέρνησις. Ό έλεγχος τών δημοσίων έργων καί ή πορεία τών έργασιών έγένετο κατά τήν διάρκειαν τής συνεδριάσεως ύπό τών άρμοδίων ύπηρεσιών, αί όποίαι ένημέρωσαν τόν ύπουργόν διά τήν πρόοδον τών σχετικών μελετών καί τάς άποφάσεις τάς όποίας έλαβεν ή κυβέρνησις.
ΑΙ ΣΥΝΕΡΓΑΣΙΑΙ
Ό έλεγχος τών δημοσίων έργων καί ή πορεία τών έργασιών έγένετο κατά τήν διάρκειαν τής συνεδριάσεως ύπό τών άρμοδίων ύπηρεσιών, αί όποίαι ένημέρωσαν τόν ύπουργόν διά τήν πρόοδον τών σχετικών μελετών καί τάς άποφάσεις τάς όποίας έλαβεν ή κυβέρνησις. Ό έλεγχος τών δημοσίων έργων καί ή πορεία τών έργασιών έγένετο κατά τήν διάρκειαν τής συνεδριάσεως ύπό τών άρμοδίων ύπηρεσιών, αί όποίαι ένημέρωσαν τόν ύπουργόν διά τήν πρόοδον τών σχετικών μελετών καί τάς άποφάσεις τάς όποίας έλαβεν ή κυβέρνησις. Ό έλεγχος τών δημοσίων έργων καί ή πορεία τών έργασιών έγένετο κατά τήν διάρκειαν τής συνεδριάσεως ύπό τών άρμοδίων ύπηρεσιών, αί όποίαι ένημέρωσαν τόν ύπουργόν διά τήν πρόοδον τών σχετικών μελετών καί τάς άποφάσεις τάς όποίας έλαβεν ή κυβέρνησις. Ό έλεγχος τών δημοσίων έργων καί ή πορεία τών έργασιών έγένετο κατά τήν διάρκειαν τής συνεδριάσεως ύπό τών άρμοδίων ύπηρεσιών, αί όποίαι ένημέρωσαν τόν ύπουργόν διά τήν πρόοδον τών σχετικών μελετών καί τάς άποφάσεις τάς όποίας έλαβεν ή κυβέρνησις.
Η ΚΑΤΑΘΕΣΙΣ ΤΟΥ ΠΡΩΤΟΥ ΜΑΡΤΥΡΟΣ ΕΙΣ ΤΗΝ ΔΙΚΗΝ ΤΩΝ 39 ΘΕΣΣΑΛΟΝΙΚΕΩΝ
Τί ανέφερε διά τούς κατηγορουμένους
ΣΥΝΕΧΕΙΑ ΕΚ ΤΗΣ 1ΗΣ ΣΕΛ. Ό έλεγχος τών δημοσίων έργων καί ή πορεία τών έργασιών έγένετο κατά τήν διάρκειαν τής συνεδριάσεως ύπό τών άρμοδίων ύπηρεσιών, αί όποίαι ένημέρωσαν τόν ύπουργόν διά τήν πρόοδον τών σχετικών μελετών καί τάς άποφάσεις τάς όποίας έλαβεν ή κυβέρνησις. Ό έλεγχος τών δημοσίων έργων καί ή πορεία τών έργασιών έγένετο κατά τήν διάρκειαν τής συνεδριάσεως ύπό τών άρμοδίων ύπηρεσιών, αί όποίαι ένημέρωσαν τόν ύπουργόν διά τήν πρόοδον τών σχετικών μελετών καί τάς άποφάσεις τάς όποίας έλαβεν ή κυβέρνησις. Ό έλεγχος τών δημοσίων έργων καί ή πορεία τών έργασιών έγένετο κατά τήν διάρκειαν τής συνεδριάσεως ύπό τών άρμοδίων ύπηρεσιών, αί όποίαι ένημέρωσαν τόν ύπουργόν διά τήν πρόοδον τών σχετικών μελετών καί τάς άποφάσεις τάς όποίας έλαβεν ή κυβέρνησις. Ό έλεγχος τών δημοσίων έργων καί ή πορεία τών έργασιών έγένετο κατά τήν διάρκειαν τής συνεδριάσεως ύπό τών άρμοδίων ύπηρεσιών, αί όποίαι ένημέρωσαν τόν ύπουργόν διά τήν πρόοδον τών σχετικών μελετών καί τάς άποφάσεις τάς όποίας έλαβεν ή κυβέρνησις. Ό έλεγχος τών δημοσίων έργων καί ή πορεία τών έργασιών έγένετο κατά τήν διάρκειαν τής συνεδριάσεως ύπό τών άρμοδίων ύπηρεσιών, αί όποίαι ένημέρωσαν τόν ύπουργόν διά τήν πρόοδον τών σχετικών μελετών καί τάς άποφάσεις τάς όποίας έλαβεν ή κυβέρνησις. Ό έλεγχος τών δημοσίων έργων καί ή πορεία τών έργασιών έγένετο κατά τήν διάρκειαν τής συνεδριάσεως ύπό τών άρμοδίων ύπηρεσιών, αί όποίαι ένημέρωσαν τόν ύπουργόν διά τήν πρόοδον τών σχετικών μελετών καί τάς άποφάσεις τάς όποίας έλαβεν ή κυβέρνησις.
Η ΣΥΝΕΔΡΙΑΣΙΣ
Ό έλεγχος τών δημοσίων έργων καί ή πορεία τών έργασιών έγένετο κατά τήν διάρκειαν τής συνεδριάσεως ύπό τών άρμοδίων ύπηρεσιών, αί όποίαι ένημέρωσαν τόν ύπουργόν διά τήν πρόοδον τών σχετικών μελετών καί τάς άποφάσεις τάς όποίας έλαβεν ή κυβέρνησις.
Ό έλεγχος τών δημοσίων έργων καί ή πορεία τών έργασιών έγένετο κατά τήν διάρκειαν τής συνεδριάσεως ύπό τών άρμοδίων ύπηρεσιών, αί όποίαι ένημέρωσαν τόν ύπουργόν διά τήν πρόοδον τών σχετικών μελετών καί τάς άποφάσεις τάς όποίας έλαβεν ή κυβέρνησις. Ό έλεγχος τών δημοσίων έργων καί ή πορεία τών έργασιών έγένετο κατά τήν διάρκειαν τής συνεδριάσεως ύπό τών άρμοδίων ύπηρεσιών, αί όποίαι ένημέρωσαν τόν ύπουργόν διά τήν πρόοδον τών σχετικών μελετών καί τάς άποφάσεις τάς όποίας έλαβεν ή κυβέρνησις. Ό έλεγχος τών δημοσίων έργων καί ή πορεία τών έργασιών έγένετο κατά τήν διάρκειαν τής συνεδριάσεως ύπό τών άρμοδίων ύπηρεσιών, αί όποίαι ένημέρωσαν τόν ύπουργόν διά τήν πρόοδον τών σχετικών μελετών καί τάς άποφάσεις τάς όποίας έλαβεν ή κυβέρνησις.
ΤΟ ΔΙΚΑΣΤΗΡΙΟΝ
Ό έλεγχος τών δημοσίων έργων καί ή πορεία τών έργασιών έγένετο κατά τήν διάρκειαν τής συνεδριάσεως ύπό τών άρμοδίων ύπηρεσιών, αί όποίαι ένημέρωσαν τόν ύπουργόν διά τήν πρόοδον τών σχετικών μελετών καί τάς άποφάσεις τάς όποίας έλαβεν ή κυβέρνησις. Ό έλεγχος τών δημοσίων έργων καί ή πορεία τών έργασιών έγένετο κατά τήν διάρκειαν τής συνεδριάσεως ύπό τών άρμοδίων ύπηρεσιών, αί όποίαι ένημέρωσαν τόν ύπουργόν διά τήν πρόοδον τών σχετικών μελετών καί τάς άποφάσεις τάς όποίας έλαβεν ή κυβέρνησις. Ό έλεγχος τών δημοσίων έργων καί ή πορεία τών έργασιών έγένετο κατά τήν διάρκειαν τής συνεδριάσεως ύπό τών άρμοδίων ύπηρεσιών, αί όποίαι ένημέρωσαν τόν ύπουργόν διά τήν πρόοδον τών σχετικών μελετών καί τάς άποφάσεις τάς όποίας έλαβεν ή κυβέρνησις. Ό έλεγχος τών δημοσίων έργων καί ή πορεία τών έργασιών έγένετο κατά τήν διάρκειαν τής συνεδριάσεως ύπό τών άρμοδίων ύπηρεσιών, αί όποίαι ένημέρωσαν τόν ύπουργόν διά τήν πρόοδον τών σχετικών μελετών καί τάς άποφάσεις τάς όποίας έλαβεν ή κυβέρνησις.
Ό έλεγχος τών δημοσίων έργων καί ή πορεία τών έργασιών έγένετο κατά τήν διάρκειαν τής συνεδριάσεως ύπό τών άρμοδίων ύπηρεσιών, αί όποίαι ένημέρωσαν τόν ύπουργόν διά τήν πρόοδον τών σχετικών μελετών καί τάς άποφάσεις τάς όποίας έλαβεν ή κυβέρνησις. Ό έλεγχος τών δημοσίων έργων καί ή πορεία τών έργασιών έγένετο κατά τήν διάρκειαν τής συνεδριάσεως ύπό τών άρμοδίων ύπηρεσιών, αί όποίαι ένημέρωσαν τόν ύπουργόν διά τήν πρόοδον τών σχετικών μελετών καί τάς άποφάσεις τάς όποίας έλαβεν ή κυβέρνησις.
Ο ΠΡΩΤΟΣ ΜΑΡΤΥΣ
Ό έλεγχος τών δημοσίων έργων καί ή πορεία τών έργασιών έγένετο κατά τήν διάρκειαν τής συνεδριάσεως ύπό τών άρμοδίων ύπηρεσιών, αί όποίαι ένημέρωσαν τόν ύπουργόν διά τήν πρόοδον τών σχετικών μελετών καί τάς άποφάσεις τάς όποίας έλαβεν ή κυβέρνησις. Ό έλεγχος τών δημοσίων έργων καί ή πορεία τών έργασιών έγένετο κατά τήν διάρκειαν τής συνεδριάσεως ύπό τών άρμοδίων ύπηρεσιών, αί όποίαι ένημέρωσαν τόν ύπουργόν διά τήν πρόοδον τών σχετικών μελετών καί τάς άποφάσεις τάς όποίας έλαβεν ή κυβέρνησις. Ό έλεγχος τών δημοσίων έργων καί ή πορεία τών έργασιών έγένετο κατά τήν διάρκειαν τής συνεδριάσεως ύπό τών άρμοδίων ύπηρεσιών, αί όποίαι ένημέρωσαν τόν ύπουργόν διά τήν πρόοδον τών σχετικών μελετών καί τάς άποφάσεις τάς όποίας έλαβεν ή κυβέρνησις. Ό έλεγχος τών δημοσίων έργων καί ή πορεία τών έργασιών έγένετο κατά τήν διάρκειαν τής συνεδριάσεως ύπό τών άρμοδίων ύπηρεσιών, αί όποίαι ένημέρωσαν τόν ύπουργόν διά τήν πρόοδον τών σχετικών μελετών καί τάς άποφάσεις τάς όποίας έλαβεν ή κυβέρνησις. Ό έλεγχος τών δημοσίων έργων καί ή πορεία τών έργασιών έγένετο κατά τήν διάρκειαν τής συνεδριάσεως ύπό τών άρμοδίων ύπηρεσιών, αί όποίαι ένημέρωσαν τόν ύπουργόν διά τήν πρόοδον τών σχετικών μελετών καί τάς άποφάσεις τάς όποίας έλαβεν ή κυβέρνησις.
Ό έλεγχος τών δημοσίων έργων καί ή πορεία τών έργασιών έγένετο κατά τήν διάρκειαν τής συνεδριάσεως ύπό τών άρμοδίων ύπηρεσιών, αί όποίαι ένημέρωσαν τόν ύπουργόν διά τήν πρόοδον τών σχετικών μελετών καί τάς άποφάσεις τάς όποίας έλαβεν ή κυβέρνησις. Ό έλεγχος τών δημοσίων έργων καί ή πορεία τών έργασιών έγένετο κατά τήν διάρκειαν τής συνεδριάσεως ύπό τών άρμοδίων ύπηρεσιών, αί όποίαι ένημέρωσαν τόν ύπουργόν διά τήν πρόοδον τών σχετικών μελετών καί τάς άποφάσεις τάς όποίας έλαβεν ή κυβέρνησις. Ό έλεγχος τών δημοσίων έργων καί ή πορεία τών έργασιών έγένετο κατά τήν διάρκειαν τής συνεδριάσεως ύπό τών άρμοδίων ύπηρεσιών, αί όποίαι ένημέρωσαν τόν ύπουργόν διά τήν πρόοδον τών σχετικών μελετών καί τάς άποφάσεις τάς όποίας έλαβεν ή κυβέρνησις. Ό έλεγχος τών δημοσίων έργων καί ή πορεία τών έργασιών έγένετο κατά τήν διάρκειαν τής συνεδριάσεως ύπό τών άρμοδίων ύπηρεσιών, αί όποίαι ένημέρωσαν τόν ύπουργόν διά τήν πρόοδον τών σχετικών μελετών καί τάς άποφάσεις τάς όποίας έλαβεν ή κυβέρνησις. Ό έλεγχος τών δημοσίων έργων καί ή πορεία τών έργασιών έγένετο κατά τήν διάρκειαν τής συνεδριάσεως ύπό τών άρμοδίων ύπηρεσιών, αί όποίαι ένημέρωσαν τόν ύπουργόν διά τήν πρόοδον τών σχετικών μελετών καί τάς άποφάσεις τάς όποίας έλαβεν ή κυβέρνησις. Ό έλεγχος τών δημοσίων έργων καί ή πορεία τών έργασιών έγένετο κατά τήν διάρκειαν τής συνεδριάσεως ύπό τών άρμοδίων ύπηρεσιών, αί όποίαι ένημέρωσαν τόν ύπουργόν διά τήν πρόοδον τών σχετικών μελετών καί τάς άποφάσεις τάς όποίας έλαβεν ή κυβέρνησις. Ό έλεγχος τών δημοσίων έργων καί ή πορεία τών έργασιών έγένετο κατά τήν διάρκειαν τής συνεδριάσεως ύπό τών άρμοδίων ύπηρεσιών, αί όποίαι ένημέρωσαν τόν ύπουργόν διά τήν πρόοδον τών σχετικών μελετών καί τάς άποφάσεις τάς όποίας έλαβεν ή κυβέρνησις. Ό έλεγχος τών δημοσίων έργων καί ή πορεία τών έργασιών έγένετο κατά τήν διάρκειαν τής συνεδριάσεως ύπό τών άρμοδίων ύπηρεσιών, αί όποίαι ένημέρωσαν τόν ύπουργόν διά τήν πρόοδον τών σχετικών μελετών καί τάς άποφάσεις τάς όποίας έλαβεν ή κυβέρνησις.
Η ΟΜΙΛΙΑ ΤΟΥ ΠΡΟΕΔΡΟΥ ΤΗΣ ΚΥΒΕΡΝΗΣΕΩΣ ΕΙΣ ΤΟ ΥΠΟΥΡΓΕΙΟΝ ΤΩΝ ΔΗΜΟΣΙΩΝ ΕΡΓΩΝ
ΣΥΝΕΧΕΙΑ ΕΚ ΤΗΣ 1ΗΣ ΣΕΛ. Ό έλεγχος τών δημοσίων έργων καί ή πορεία τών έργασιών έγένετο κατά τήν διάρκειαν τής συνεδριάσεως ύπό τών άρμοδίων ύπηρεσιών, αί όποίαι ένημέρωσαν τόν ύπουργόν διά τήν πρόοδον τών σχετικών μελετών καί τάς άποφάσεις τάς όποίας έλαβεν ή κυβέρνησις. Ό έλεγχος τών δημοσίων έργων καί ή πορεία τών έργασιών έγένετο κατά τήν διάρκειαν τής συνεδριάσεως ύπό τών άρμοδίων ύπηρεσιών, αί όποίαι ένημέρωσαν τόν ύπουργόν διά τήν πρόοδον τών σχετικών μελετών καί τάς άποφάσεις τάς όποίας έλαβεν ή κυβέρνησις. Ό έλεγχος τών δημοσίων έργων καί ή πορεία τών έργασιών έγένετο κατά τήν διάρκειαν τής συνεδριάσεως ύπό τών άρμοδίων ύπηρεσιών, αί όποίαι ένημέρωσαν τόν ύπουργόν διά τήν πρόοδον τών σχετικών μελετών καί τάς άποφάσεις τάς όποίας έλαβεν ή κυβέρνησις. Ό έλεγχος τών δημοσίων έργων καί ή πορεία τών έργασιών έγένετο κατά τήν διάρκειαν τής συνεδριάσεως ύπό τών άρμοδίων ύπηρεσιών, αί όποίαι ένημέρωσαν τόν ύπουργόν διά τήν πρόοδον τών σχετικών μελετών καί τάς άποφάσεις τάς όποίας έλαβεν ή κυβέρνησις. Ό έλεγχος τών δημοσίων έργων καί ή πορεία τών έργασιών έγένετο κατά τήν διάρκειαν τής συνεδριάσεως ύπό τών άρμοδίων ύπηρεσιών, αί όποίαι ένημέρωσαν τόν ύπουργόν διά τήν πρόοδον τών σχετικών μελετών καί τάς άποφάσεις τάς όποίας έλαβεν ή κυβέρνησις. Ό έλεγχος τών δημοσίων έργων καί ή πορεία τών έργασιών έγένετο κατά τήν διάρκειαν τής συνεδριάσεως ύπό τών άρμοδίων ύπηρεσιών, αί όποίαι ένημέρωσαν τόν ύπουργόν διά τήν πρόοδον τών σχετικών μελετών καί τάς άποφάσεις τάς όποίας έλαβεν ή κυβέρνησις.
Ό έλεγχος τών δημοσίων έργων καί ή πορεία τών έργασιών έγένετο κατά τήν διάρκειαν τής συνεδριάσεως ύπό τών άρμοδίων ύπηρεσιών, αί όποίαι ένημέρωσαν τόν ύπουργόν διά τήν πρόοδον τών σχετικών μελετών καί τάς άποφάσεις τάς όποίας έλαβεν ή κυβέρνησις. Ό έλεγχος τών δημοσίων έργων καί ή πορεία τών έργασιών έγένετο κατά τήν διάρκειαν τής συνεδριάσεως ύπό τών άρμοδίων ύπηρεσιών, αί όποίαι ένημέρωσαν τόν ύπουργόν διά τήν πρόοδον τών σχετικών μελετών καί τάς άποφάσεις τάς όποίας έλαβεν ή κυβέρνησις. Ό έλεγχος τών δημοσίων έργων καί ή πορεία τών έργασιών έγένετο κατά τήν διάρκειαν τής συνεδριάσεως ύπό τών άρμοδίων ύπηρεσιών, αί όποίαι ένημέρωσαν τόν ύπουργόν διά τήν πρόοδον τών σχετικών μελετών καί τάς άποφάσεις τάς όποίας έλαβεν ή κυβέρνησις. Ό έλεγχος τών δημοσίων έργων καί ή πορεία τών έργασιών έγένετο κατά τήν διάρκειαν τής συνεδριάσεως ύπό τών άρμοδίων ύπηρεσιών, αί όποίαι ένημέρωσαν τόν ύπουργόν διά τήν πρόοδον τών σχετικών μελετών καί τάς άποφάσεις τάς όποίας έλαβεν ή κυβέρνησις. Ό έλεγχος τών δημοσίων έργων καί ή πορεία τών έργασιών έγένετο κατά τήν διάρκειαν τής συνεδριάσεως ύπό τών άρμοδίων ύπηρεσιών, αί όποίαι ένημέρωσαν τόν ύπουργόν διά τήν πρόοδον τών σχετικών μελετών καί τάς άποφάσεις τάς όποίας έλαβεν ή κυβέρνησις. Ό έλεγχος τών δημοσίων έργων καί ή πορεία τών έργασιών έγένετο κατά τήν διάρκειαν τής συνεδριάσεως ύπό τών άρμοδίων ύπηρεσιών, αί όποίαι ένημέρωσαν τόν ύπουργόν διά τήν πρόοδον τών σχετικών μελετών καί τάς άποφάσεις τάς όποίας έλαβεν ή κυβέρνησις.
Ό έλεγχος τών δημοσίων έργων καί ή πορεία τών έργασιών έγένετο κατά τήν διάρκειαν τής συνεδριάσεως ύπό τών άρμοδίων ύπηρεσιών, αί όποίαι ένημέρωσαν τόν ύπουργόν διά τήν πρόοδον τών σχετικών μελετών καί τάς άποφάσεις τάς όποίας έλαβεν ή κυβέρνησις. Ό έλεγχος τών δημοσίων έργων καί ή πορεία τών έργασιών έγένετο κατά τήν διάρκειαν τής συνεδριάσεως ύπό τών άρμοδίων ύπηρεσιών, αί όποίαι ένημέρωσαν τόν ύπουργόν διά τήν πρόοδον τών σχετικών μελετών καί τάς άποφάσεις τάς όποίας έλαβεν ή κυβέρνησις. Ό έλεγχος τών δημοσίων έργων καί ή πορεία τών έργασιών έγένετο κατά τήν διάρκειαν τής συνεδριάσεως ύπό τών άρμοδίων ύπηρεσιών, αί όποίαι ένημέρωσαν τόν ύπουργόν διά τήν πρόοδον τών σχετικών μελετών καί τάς άποφάσεις τάς όποίας έλαβεν ή κυβέρνησις. Ό έλεγχος τών δημοσίων έργων καί ή πορεία τών έργασιών έγένετο κατά τήν διάρκειαν τής συνεδριάσεως ύπό τών άρμοδίων ύπηρεσιών, αί όποίαι ένημέρωσαν τόν ύπουργόν διά τήν πρόοδον τών σχετικών μελετών καί τάς άποφάσεις τάς όποίας έλαβεν ή κυβέρνησις. Ό έλεγχος τών δημοσίων έργων καί ή πορεία τών έργασιών έγένετο κατά τήν διάρκειαν τής συνεδριάσεως ύπό τών άρμοδίων ύπηρεσιών, αί όποίαι ένημέρωσαν τόν ύπουργόν διά τήν πρόοδον τών σχετικών μελετών καί τάς άποφάσεις τάς όποίας έλαβεν ή κυβέρνησις. Ό έλεγχος τών δημοσίων έργων καί ή πορεία τών έργασιών έγένετο κατά τήν διάρκειαν τής συνεδριάσεως ύπό τών άρμοδίων ύπηρεσιών, αί όποίαι ένημέρωσαν τόν ύπουργόν διά τήν πρόοδον τών σχετικών μελετών καί τάς άποφάσεις τάς όποίας έλαβεν ή κυβέρνησις.
Ό έλεγχος τών δημοσίων έργων καί ή πορεία τών έργασιών έγένετο κατά τήν διάρκειαν τής συνεδριάσεως ύπό τών άρμοδίων ύπηρεσιών, αί όποίαι ένημέρωσαν τόν ύπουργόν διά τήν πρόοδον τών σχετικών μελετών καί τάς άποφάσεις τάς όποίας έλαβεν ή κυβέρνησις. Ό έλεγχος τών δημοσίων έργων καί ή πορεία τών έργασιών έγένετο κατά τήν διάρκειαν τής συνεδριάσεως ύπό τών άρμοδίων ύπηρεσιών, αί όποίαι ένημέρωσαν τόν ύπουργόν διά τήν πρόοδον τών σχετικών μελετών καί τάς άποφάσεις τάς όποίας έλαβεν ή κυβέρνησις. Ό έλεγχος τών δημοσίων έργων καί ή πορεία τών έργασιών έγένετο κατά τήν διάρκειαν τής συνεδριάσεως ύπό τών άρμοδίων ύπηρεσιών, αί όποίαι ένημέρωσαν τόν ύπουργόν διά τήν πρόοδον τών σχετικών μελετών καί τάς άποφάσεις τάς όποίας έλαβεν ή κυβέρνησις. Ό έλεγχος τών δημοσίων έργων καί ή πορεία τών έργασιών έγένετο κατά τήν διάρκειαν τής συνεδριάσεως ύπό τών άρμοδίων ύπηρεσιών, αί όποίαι ένημέρωσαν τόν ύπουργόν διά τήν πρόοδον τών σχετικών μελετών καί τάς άποφάσεις τάς όποίας έλαβεν ή κυβέρνησις. Ό έλεγχος τών δημοσίων έργων καί ή πορεία τών έργασιών έγένετο κατά τήν διάρκειαν τής συνεδριάσεως ύπό τών άρμοδίων ύπηρεσιών, αί όποίαι ένημέρωσαν τόν ύπουργόν διά τήν πρόοδον τών σχετικών μελετών καί τάς άποφάσεις τάς όποίας έλαβεν ή κυβέρνησις. Ό έλεγχος τών δημοσίων έργων καί ή πορεία τών έργασιών έγένετο κατά τήν διάρκειαν τής συνεδριάσεως ύπό τών άρμοδίων ύπηρεσιών, αί όποίαι ένημέρωσαν τόν ύπουργόν διά τήν πρόοδον τών σχετικών μελετών καί τάς άποφάσεις τάς όποίας έλαβεν ή κυβέρνησις.
ΤΡΙΜΕΛΗΣ ΣΠΕΙΡΑ ΣΕΣΗΜΑΣΜΕΝΩΝ ΔΙΑΡΡΗΚΤΩΝ ΕΞΗΡΘΡΩΘΗ ΥΠΟ ΤΗΣ ΓΕΝΙΚΗΣ ΑΣΦΑΛΕΙΑΣ ΑΘΗΝΩΝ
ΠΡΟΚΤΟΙΜΑΖΟΝΤΟ ΝΑ «ΚΤΥΠΗΣΟΥΝ» ΤΟ ΑΓΡΙΝΙΟΝ
ΕΙΣ ΤΗΝ ΚΕΡΚΥΡΑΝ ΘΑ ΓΙΝΟΥΝ ΟΙ ΓΑΜΟΙ ΤΗΣ ΑΝΟΥΚ ΑΙΜΕ ΚΑΙ ΤΟΥ ΦΙΝΕ-Υ
Ό έλεγχος τών δημοσίων έργων καί ή πορεία τών έργασιών έγένετο κατά τήν διάρκειαν τής συνεδριάσεως ύπό τών άρμοδίων ύπηρεσιών, αί όποίαι ένημέρωσαν τόν ύπουργόν διά τήν πρόοδον τών σχετικών μελετών καί τάς άποφάσεις τάς όποίας έλαβεν ή κυβέρνησις. Ό έλεγχος τών δημοσίων έργων καί ή πορεία τών έργασιών έγένετο κατά τήν διάρκειαν τής συνεδριάσεως ύπό τών άρμοδίων ύπηρεσιών, αί όποίαι ένημέρωσαν τόν ύπουργόν διά τήν πρόοδον τών σχετικών μελετών καί τάς άποφάσεις τάς όποίας έλαβεν ή κυβέρνησις. Ό έλεγχος τών δημοσίων έργων καί ή πορεία τών έργασιών έγένετο κατά τήν διάρκειαν τής συνεδριάσεως ύπό τών άρμοδίων ύπηρεσιών, αί όποίαι ένημέρωσαν τόν ύπουργόν διά τήν πρόοδον τών σχετικών μελετών καί τάς άποφάσεις τάς όποίας έλαβεν ή κυβέρνησις.
Ο ΥΦΥΠΟΥΡΓΟΣ ΠΡΟΕΔΡΙΑΣ ΑΝΕΧΩΡΗΣΕΝ ΕΙΣ ΗΝΩΜΕΝΑΣ ΠΟΛΙΤΕΙΑΣ
Ό έλεγχος τών δημοσίων έργων καί ή πορεία τών έργασιών έγένετο κατά τήν διάρκειαν τής συνεδριάσεως ύπό τών άρμοδίων ύπηρεσιών, αί όποίαι ένημέρωσαν τόν ύπουργόν διά τήν πρόοδον τών σχετικών μελετών καί τάς άποφάσεις τάς όποίας έλαβεν ή κυβέρνησις. Ό έλεγχος τών δημοσίων έργων καί ή πορεία τών έργασιών έγένετο κατά τήν διάρκειαν τής συνεδριάσεως ύπό τών άρμοδίων ύπηρεσιών, αί όποίαι ένημέρωσαν τόν ύπουργόν διά τήν πρόοδον τών σχετικών μελετών καί τάς άποφάσεις τάς όποίας έλαβεν ή κυβέρνησις.
Η ΕΓΚΑΤΑΣΤΑΣΙΣ ΓΡΑΦΕΙΩΝ ΝΑΥΤΙΛΙΑΚΩΝ ΕΤΑΙΡΕΙΩΝ
Ό έλεγχος τών δημοσίων έργων καί ή πορεία τών έργασιών έγένετο κατά τήν διάρκειαν τής συνεδριάσεως ύπό τών άρμοδίων ύπηρεσιών, αί όποίαι ένημέρωσαν τόν ύπουργόν διά τήν πρόοδον τών σχετικών μελετών καί τάς άποφάσεις τάς όποίας έλαβεν ή κυβέρνησις. Ό έλεγχος τών δημοσίων έργων καί ή πορεία τών έργασιών έγένετο κατά τήν διάρκειαν τής συνεδριάσεως ύπό τών άρμοδίων ύπηρεσιών, αί όποίαι ένημέρωσαν τόν ύπουργόν διά τήν πρόοδον τών σχετικών μελετών καί τάς άποφάσεις τάς όποίας έλαβεν ή κυβέρνησις.
Ό έλεγχος τών δημοσίων έργων καί ή πορεία τών έργασιών έγένετο κατά τήν διάρκειαν τής συνεδριάσεως ύπό τών άρμοδίων ύπηρεσιών, αί όποίαι ένημέρωσαν τόν ύπουργόν διά τήν πρόοδον τών σχετικών μελετών καί τάς άποφάσεις τάς όποίας έλαβεν ή κυβέρνησις. Ό έλεγχος τών δημοσίων έργων καί ή πορεία τών έργασιών έγένετο κατά τήν διάρκειαν τής συνεδριάσεως ύπό τών άρμοδίων ύπηρεσιών, αί όποίαι ένημέρωσαν τόν ύπουργόν διά τήν πρόοδον τών σχετικών μελετών καί τάς άποφάσεις τάς όποίας έλαβεν ή κυβέρνησις. Ό έλεγχος τών δημοσίων έργων καί ή πορεία τών έργασιών έγένετο κατά τήν διάρκειαν τής συνεδριάσεως ύπό τών άρμοδίων ύπηρεσιών, αί όποίαι ένημέρωσαν τόν ύπουργόν διά τήν πρόοδον τών σχετικών μελετών καί τάς άποφάσεις τάς όποίας έλαβεν ή κυβέρνησις. Ό έλεγχος τών δημοσίων έργων καί ή πορεία τών έργασιών έγένετο κατά τήν διάρκειαν τής συνεδριάσεως ύπό τών άρμοδίων ύπηρεσιών, αί όποίαι ένημέρωσαν τόν ύπουργόν διά τήν πρόοδον τών σχετικών μελετών καί τάς άποφάσεις τάς όποίας έλαβεν ή κυβέρνησις. Ό έλεγχος τών δημοσίων έργων καί ή πορεία τών έργασιών έγένετο κατά τήν διάρκειαν τής συνεδριάσεως ύπό τών άρμοδίων ύπηρεσιών, αί όποίαι ένημέρωσαν τόν ύπουργόν διά τήν πρόοδον τών σχετικών μελετών καί τάς άποφάσεις τάς όποίας έλαβεν ή κυβέρνησις. Ό έλεγχος τών δημοσίων έργων καί ή πορεία τών έργασιών έγένετο κατά τήν διάρκειαν τής συνεδριάσεως ύπό τών άρμοδίων ύπηρεσιών, αί όποίαι ένημέρωσαν τόν ύπουργόν διά τήν πρόοδον τών σχετικών μελετών καί τάς άποφάσεις τάς όποίας έλαβεν ή κυβέρνησις. Ό έλεγχος τών δημοσίων έργων καί ή πορεία τών έργασιών έγένετο κατά τήν διάρκειαν τής συνεδριάσεως ύπό τών άρμοδίων ύπηρεσιών, αί όποίαι ένημέρωσαν τόν ύπουργόν διά τήν πρόοδον τών σχετικών μελετών καί τάς άποφάσεις τάς όποίας έλαβεν ή κυβέρνησις. Ό έλεγχος τών δημοσίων έργων καί ή πορεία τών έργασιών έγένετο κατά τήν διάρκειαν τής συνεδριάσεως ύπό τών άρμοδίων ύπηρεσιών, αί όποίαι ένημέρωσαν τόν ύπουργόν διά τήν πρόοδον τών σχετικών μελετών καί τάς άποφάσεις τάς όποίας έλαβεν ή κυβέρνησις. Ό έλεγχος τών δημοσίων έργων καί ή πορεία τών έργασιών έγένετο κατά τήν διάρκειαν τής συνεδριάσεως ύπό τών άρμοδίων ύπηρεσιών, αί όποίαι ένημέρωσαν τόν ύπουργόν διά τήν πρόοδον τών σχετικών μελετών καί τάς άποφάσεις τάς όποίας έλαβεν ή κυβέρνησις.
ΕΥΧΑΡΙΣΤΙΑΙ ΕΚΠΡΟΣΩΠΩΝ ΕΡΓΑΤΙΚΩΝ ΟΡΓΑΝΩΣΕΩΝ ΔΙΑ ΤΑ ΔΗΜΟΣΙΕΥΘΕΝΤΑ ΝΟΜΟΘΕΤΙΚΑ ΔΙΑΤΑΓΜΑΤΑ
ΤΕΣΣΑΡΕΣ ΤΡΑΥΜΑΤΙΑΙ ΕΙΣ ΤΡΟΧΑΙΑ
Ό έλεγχος τών δημοσίων έργων καί ή πορεία τών έργασιών έγένετο κατά τήν διάρκειαν τής συνεδριάσεως ύπό τών άρμοδίων ύπηρεσιών, αί όποίαι ένημέρωσαν τόν ύπουργόν διά τήν πρόοδον τών σχετικών μελετών καί τάς άποφάσεις τάς όποίας έλαβεν ή κυβέρνησις. Ό έλεγχος τών δημοσίων έργων καί ή πορεία τών έργασιών έγένετο κατά τήν διάρκειαν τής συνεδριάσεως ύπό τών άρμοδίων ύπηρεσιών, αί όποίαι ένημέρωσαν τόν ύπουργόν διά τήν πρόοδον τών σχετικών μελετών καί τάς άποφάσεις τάς όποίας έλαβεν ή κυβέρνησις.
Η ΕΠΕΙΣΕΙΑ ΣΥΝΕΛΕΥΣΙΣ ΕΠΙΣΤΗΜΟΝΩΝ ΕΘΝΙΚΗΣ ΑΝΤΙΣΤΑΣΕΩΣ
Ό έλεγχος τών δημοσίων έργων καί ή πορεία τών έργασιών έγένετο κατά τήν διάρκειαν τής συνεδριάσεως ύπό τών άρμοδίων ύπηρεσιών, αί όποίαι ένημέρωσαν τόν ύπουργόν διά τήν πρόοδον τών σχετικών μελετών καί τάς άποφάσεις τάς όποίας έλαβεν ή κυβέρνησις. Ό έλεγχος τών δημοσίων έργων καί ή πορεία τών έργασιών έγένετο κατά τήν διάρκειαν τής συνεδριάσεως ύπό τών άρμοδίων ύπηρεσιών, αί όποίαι ένημέρωσαν τόν ύπουργόν διά τήν πρόοδον τών σχετικών μελετών καί τάς άποφάσεις τάς όποίας έλαβεν ή κυβέρνησις.
ΕΚΗΡΥΧΘΗΣΑΝ ΕΚΤΕΛΕΣΤΑΙ ΣΥΛΛΟΓΙΚΑΙ ΣΥΜΒΑΣΕΙΣ
Ό έλεγχος τών δημοσίων έργων καί ή πορεία τών έργασιών έγένετο κατά τήν διάρκειαν τής συνεδριάσεως ύπό τών άρμοδίων ύπηρεσιών, αί όποίαι ένημέρωσαν τόν ύπουργόν διά τήν πρόοδον τών σχετικών μελετών καί τάς άποφάσεις τάς όποίας έλαβεν ή κυβέρνησις.
Ό έλεγχος τών δημοσίων έργων καί ή πορεία τών έργασιών έγένετο κατά τήν διάρκειαν τής συνεδριάσεως ύπό τών άρμοδίων ύπηρεσιών, αί όποίαι ένημέρωσαν τόν ύπουργόν διά τήν πρόοδον τών σχετικών μελετών καί τάς άποφάσεις τάς όποίας έλαβεν ή κυβέρνησις. Ό έλεγχος τών δημοσίων έργων καί ή πορεία τών έργασιών έγένετο κατά τήν διάρκειαν τής συνεδριάσεως ύπό τών άρμοδίων ύπηρεσιών, αί όποίαι ένημέρωσαν τόν ύπουργόν διά τήν πρόοδον τών σχετικών μελετών καί τάς άποφάσεις τάς όποίας έλαβεν ή κυβέρνησις. Ό έλεγχος τών δημοσίων έργων καί ή πορεία τών έργασιών έγένετο κατά τήν διάρκειαν τής συνεδριάσεως ύπό τών άρμοδίων ύπηρεσιών, αί όποίαι ένημέρωσαν τόν ύπουργόν διά τήν πρόοδον τών σχετικών μελετών καί τάς άποφάσεις τάς όποίας έλαβεν ή κυβέρνησις. Ό έλεγχος τών δημοσίων έργων καί ή πορεία τών έργασιών έγένετο κατά τήν διάρκειαν τής συνεδριάσεως ύπό τών άρμοδίων ύπηρεσιών, αί όποίαι ένημέρωσαν τόν ύπουργόν διά τήν πρόοδον τών σχετικών μελετών καί τάς άποφάσεις τάς όποίας έλαβεν ή κυβέρνησις. Ό έλεγχος τών δημοσίων έργων καί ή πορεία τών έργασιών έγένετο κατά τήν διάρκειαν τής συνεδριάσεως ύπό τών άρμοδίων ύπηρεσιών, αί όποίαι ένημέρωσαν τόν ύπουργόν διά τήν πρόοδον τών σχετικών μελετών καί τάς άποφάσεις τάς όποίας έλαβεν ή κυβέρνησις. Ό έλεγχος τών δημοσίων έργων καί ή πορεία τών έργασιών έγένετο κατά τήν διάρκειαν τής συνεδριάσεως ύπό τών άρμοδίων ύπηρεσιών, αί όποίαι ένημέρωσαν τόν ύπουργόν διά τήν πρόοδον τών σχετικών μελετών καί τάς άποφάσεις τάς όποίας έλαβεν ή κυβέρνησις. Ό έλεγχος τών δημοσίων έργων καί ή πορεία τών έργασιών έγένετο κατά τήν διάρκειαν τής συνεδριάσεως ύπό τών άρμοδίων ύπηρεσιών, αί όποίαι ένημέρωσαν τόν ύπουργόν διά τήν πρόοδον τών σχετικών μελετών καί τάς άποφάσεις τάς όποίας έλαβεν ή κυβέρνησις.
ΑΙ ΔΗΛΩΣΕΙΣ ΤΟΥ ΥΠΟΥΡΓΟΥ ΤΗΣ ΕΡΓΑΣΙΑΣ ΔΙΑ ΤΑΣ ΣΥΜΒΑΣΕΙΣ ΤΩΝ ΕΡΓΑΖΟΜΕΝΩΝ
ΣΥΝΕΧΕΙΑ ΕΚ ΤΗΣ 1ΗΣ ΣΕΛ. Ό έλεγχος τών δημοσίων έργων καί ή πορεία τών έργασιών έγένετο κατά τήν διάρκειαν τής συνεδριάσεως ύπό τών άρμοδίων ύπηρεσιών, αί όποίαι ένημέρωσαν τόν ύπουργόν διά τήν πρόοδον τών σχετικών μελετών καί τάς άποφάσεις τάς όποίας έλαβεν ή κυβέρνησις. Ό έλεγχος τών δημοσίων έργων καί ή πορεία τών έργασιών έγένετο κατά τήν διάρκειαν τής συνεδριάσεως ύπό τών άρμοδίων ύπηρεσιών, αί όποίαι ένημέρωσαν τόν ύπουργόν διά τήν πρόοδον τών σχετικών μελετών καί τάς άποφάσεις τάς όποίας έλαβεν ή κυβέρνησις. Ό έλεγχος τών δημοσίων έργων καί ή πορεία τών έργασιών έγένετο κατά τήν διάρκειαν τής συνεδριάσεως ύπό τών άρμοδίων ύπηρεσιών, αί όποίαι ένημέρωσαν τόν ύπουργόν διά τήν πρόοδον τών σχετικών μελετών καί τάς άποφάσεις τάς όποίας έλαβεν ή κυβέρνησις.
Ό έλεγχος τών δημοσίων έργων καί ή πορεία τών έργασιών έγένετο κατά τήν διάρκειαν τής συνεδριάσεως ύπό τών άρμοδίων ύπηρεσιών, αί όποίαι ένημέρωσαν τόν ύπουργόν διά τήν πρόοδον τών σχετικών μελετών καί τάς άποφάσεις τάς όποίας έλαβεν ή κυβέρνησις. Ό έλεγχος τών δημοσίων έργων καί ή πορεία τών έργασιών έγένετο κατά τήν διάρκειαν τής συνεδριάσεως ύπό τών άρμοδίων ύπηρεσιών, αί όποίαι ένημέρωσαν τόν ύπουργόν διά τήν πρόοδον τών σχετικών μελετών καί τάς άποφάσεις τάς όποίας έλαβεν ή κυβέρνησις. Ό έλεγχος τών δημοσίων έργων καί ή πορεία τών έργασιών έγένετο κατά τήν διάρκειαν τής συνεδριάσεως ύπό τών άρμοδίων ύπηρεσιών, αί όποίαι ένημέρωσαν τόν ύπουργόν διά τήν πρόοδον τών σχετικών μελετών καί τάς άποφάσεις τάς όποίας έλαβεν ή κυβέρνησις.
ΤΟ ΧΡΗΜΑΤΙΣΤΗΡΙΟΝ ΤΩΝ ΕΜΠΟΡΕΥΜΑΤΩΝ
Ό έλεγχος τών δημοσίων έργων καί ή πορεία τών έργασιών έγένετο κατά τήν διάρκειαν τής συνεδριάσεως ύπό τών άρμοδίων ύπηρεσιών, αί όποίαι ένημέρωσαν τόν ύπουργόν διά τήν πρόοδον τών σχετικών μελετών καί τάς άποφάσεις τάς όποίας έλαβεν ή κυβέρνησις. Ό έλεγχος τών δημοσίων έργων καί ή πορεία τών έργασιών έγένετο κατά τήν διάρκειαν τής συνεδριάσεως ύπό τών άρμοδίων ύπηρεσιών, αί όποίαι ένημέρωσαν τόν ύπουργόν διά τήν πρόοδον τών σχετικών μελετών καί τάς άποφάσεις τάς όποίας έλαβεν ή κυβέρνησις. Ό έλεγχος τών δημοσίων έργων καί ή πορεία τών έργασιών έγένετο κατά τήν διάρκειαν τής συνεδριάσεως ύπό τών άρμοδίων ύπηρεσιών, αί όποίαι ένημέρωσαν τόν ύπουργόν διά τήν πρόοδον τών σχετικών μελετών καί τάς άποφάσεις τάς όποίας έλαβεν ή κυβέρνησις. Ό έλεγχος τών δημοσίων έργων καί ή πορεία τών έργασιών έγένετο κατά τήν διάρκειαν τής συνεδριάσεως ύπό τών άρμοδίων ύπηρεσιών, αί όποίαι ένημέρωσαν τόν ύπουργόν διά τήν πρόοδον τών σχετικών μελετών καί τάς άποφάσεις τάς όποίας έλαβεν ή κυβέρνησις. Ό έλεγχος τών δημοσίων έργων καί ή πορεία τών έργασιών έγένετο κατά τήν διάρκειαν τής συνεδριάσεως ύπό τών άρμοδίων ύπηρεσιών, αί όποίαι ένημέρωσαν τόν ύπουργόν διά τήν πρόοδον τών σχετικών μελετών καί τάς άποφάσεις τάς όποίας έλαβεν ή κυβέρνησις.
Ό έλεγχος τών δημοσίων έργων καί ή πορεία τών έργασιών έγένετο κατά τήν διάρκειαν τής συνεδριάσεως ύπό τών άρμοδίων ύπηρεσιών, αί όποίαι ένημέρωσαν τόν ύπουργόν διά τήν πρόοδον τών σχετικών μελετών καί τάς άποφάσεις τάς όποίας έλαβεν ή κυβέρνησις. Ό έλεγχος τών δημοσίων έργων καί ή πορεία τών έργασιών έγένετο κατά τήν διάρκειαν τής συνεδριάσεως ύπό τών άρμοδίων ύπηρεσιών, αί όποίαι ένημέρωσαν τόν ύπουργόν διά τήν πρόοδον τών σχετικών μελετών καί τάς άποφάσεις τάς όποίας έλαβεν ή κυβέρνησις. Ό έλεγχος τών δημοσίων έργων καί ή πορεία τών έργασιών έγένετο κατά τήν διάρκειαν τής συνεδριάσεως ύπό τών άρμοδίων ύπηρεσιών, αί όποίαι ένημέρωσαν τόν ύπουργόν διά τήν πρόοδον τών σχετικών μελετών καί τάς άποφάσεις τάς όποίας έλαβεν ή κυβέρνησις.
Η ΛΕΙΤΟΥΡΓΙΑ ΙΔΡΥΜΑΤΩΝ ΠΑΙΔΙΚΗΣ ΠΡΟΣΤΑΣΙΑΣ
Ό έλεγχος τών δημοσίων έργων καί ή πορεία τών έργασιών έγένετο κατά τήν διάρκειαν τής συνεδριάσεως ύπό τών άρμοδίων ύπηρεσιών, αί όποίαι ένημέρωσαν τόν ύπουργόν διά τήν πρόοδον τών σχετικών μελετών καί τάς άποφάσεις τάς όποίας έλαβεν ή κυβέρνησις.
